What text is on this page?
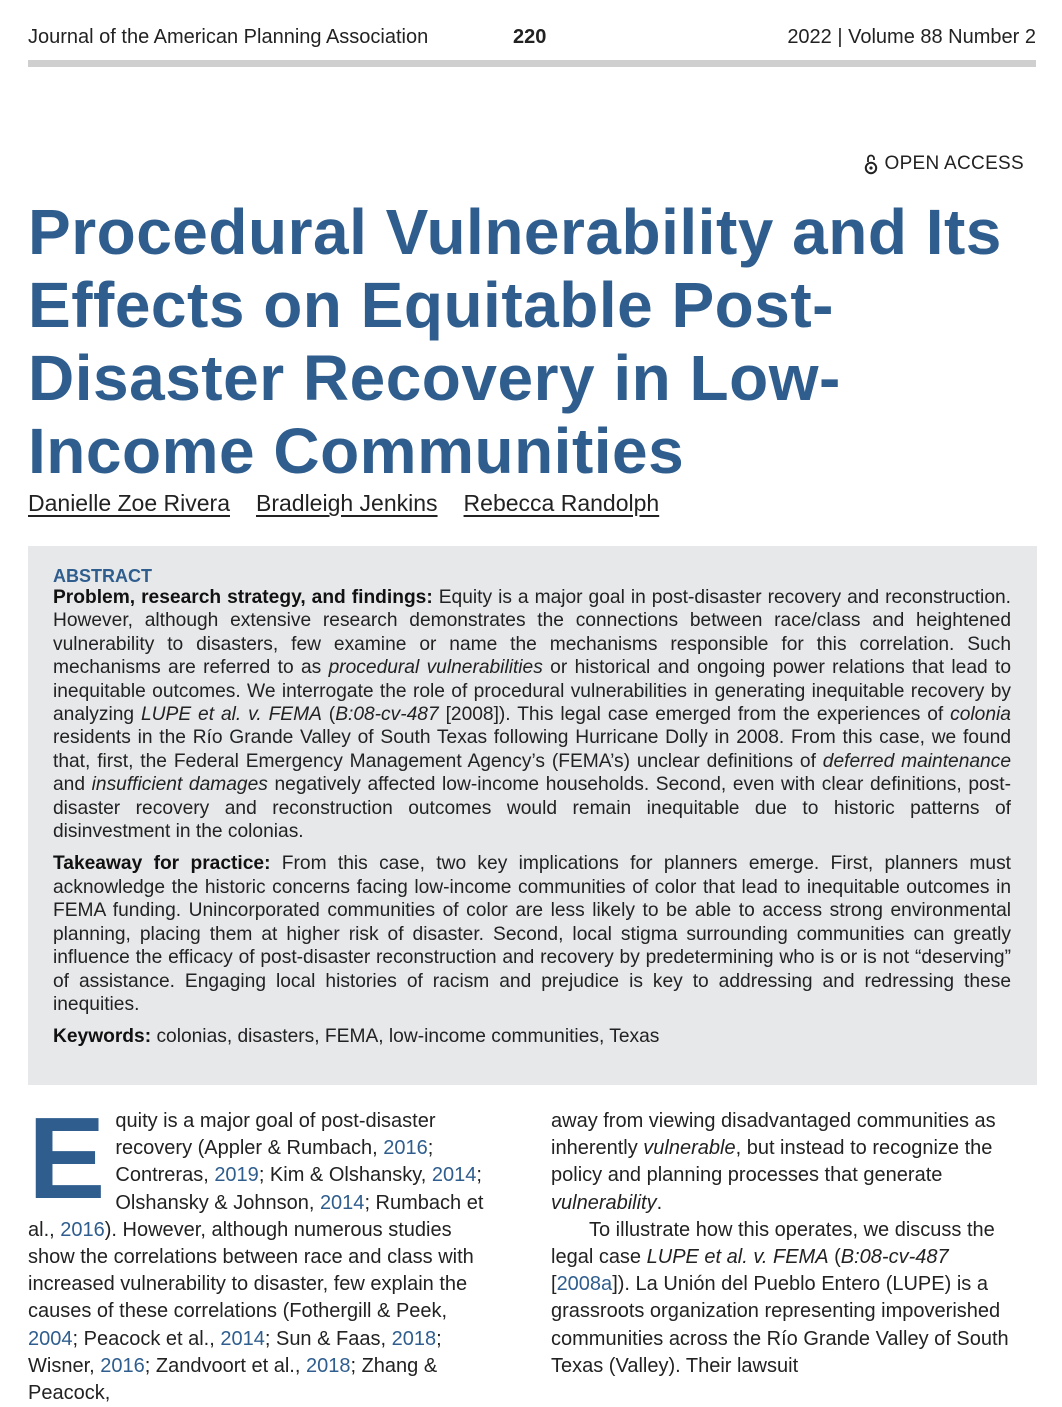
Journal of the American Planning Association	220	2022 | Volume 88 Number 2
OPEN ACCESS
Procedural Vulnerability and Its Effects on Equitable Post-Disaster Recovery in Low-Income Communities
Danielle Zoe Rivera Bradleigh Jenkins Rebecca Randolph
ABSTRACT

Problem, research strategy, and findings: Equity is a major goal in post-disaster recovery and reconstruction. However, although extensive research demonstrates the connections between race/class and heightened vulnerability to disasters, few examine or name the mechanisms responsible for this correlation. Such mechanisms are referred to as procedural vulnerabilities or historical and ongoing power relations that lead to inequitable outcomes. We interrogate the role of procedural vulnerabilities in generating inequitable recovery by analyzing LUPE et al. v. FEMA (B:08-cv-487 [2008]). This legal case emerged from the experiences of colonia residents in the Río Grande Valley of South Texas following Hurricane Dolly in 2008. From this case, we found that, first, the Federal Emergency Management Agency’s (FEMA’s) unclear definitions of deferred maintenance and insufficient damages negatively affected low-income households. Second, even with clear definitions, post-disaster recovery and reconstruction outcomes would remain inequitable due to historic patterns of disinvestment in the colonias.

Takeaway for practice: From this case, two key implications for planners emerge. First, planners must acknowledge the historic concerns facing low-income communities of color that lead to inequitable outcomes in FEMA funding. Unincorporated communities of color are less likely to be able to access strong environmental planning, placing them at higher risk of disaster. Second, local stigma surrounding communities can greatly influence the efficacy of post-disaster reconstruction and recovery by predetermining who is or is not “deserving” of assistance. Engaging local histories of racism and prejudice is key to addressing and redressing these inequities.

Keywords: colonias, disasters, FEMA, low-income communities, Texas

Equity is a major goal of post-disaster recovery (Appler & Rumbach, 2016; Contreras, 2019; Kim & Olshansky, 2014; Olshansky & Johnson, 2014; Rumbach et al., 2016). However, although numerous studies show the correlations between race and class with increased vulnerability to disaster, few explain the causes of these correlations (Fothergill & Peek, 2004; Peacock et al., 2014; Sun & Faas, 2018; Wisner, 2016; Zandvoort et al., 2018; Zhang & Peacock,

away from viewing disadvantaged communities as inherently vulnerable, but instead to recognize the policy and planning processes that generate vulnerability.

To illustrate how this operates, we discuss the legal case LUPE et al. v. FEMA (B:08-cv-487 [2008a]). La Unión del Pueblo Entero (LUPE) is a grassroots organization representing impoverished communities across the Río Grande Valley of South Texas (Valley). Their lawsuit
